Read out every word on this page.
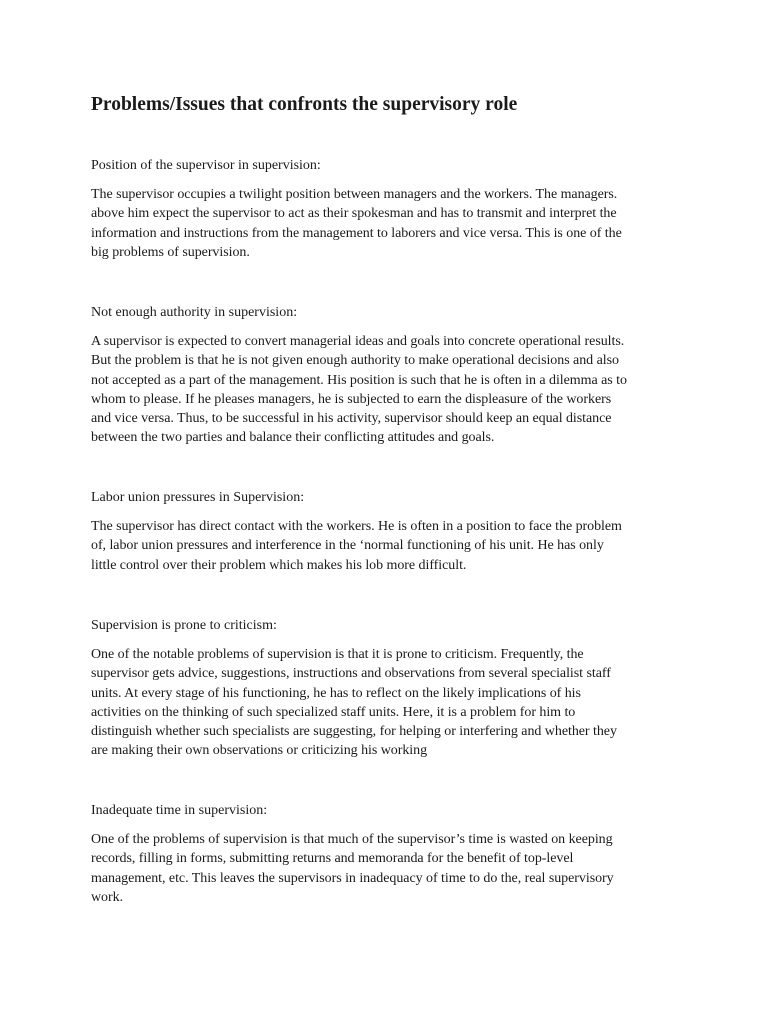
Problems/Issues that confronts the supervisory role

Position of the supervisor in supervision:

The supervisor occupies a twilight position between managers and the workers. The managers.
above him expect the supervisor to act as their spokesman and has to transmit and interpret the
information and instructions from the management to laborers and vice versa. This is one of the
big problems of supervision.

Not enough authority in supervision:

A supervisor is expected to convert managerial ideas and goals into concrete operational results.
But the problem is that he is not given enough authority to make operational decisions and also
not accepted as a part of the management. His position is such that he is often in a dilemma as to
whom to please. If he pleases managers, he is subjected to earn the displeasure of the workers
and vice versa. Thus, to be successful in his activity, supervisor should keep an equal distance
between the two parties and balance their conflicting attitudes and goals.

Labor union pressures in Supervision:

The supervisor has direct contact with the workers. He is often in a position to face the problem
of, labor union pressures and interference in the ‘normal functioning of his unit. He has only
little control over their problem which makes his lob more difficult.

Supervision is prone to criticism:

One of the notable problems of supervision is that it is prone to criticism. Frequently, the
supervisor gets advice, suggestions, instructions and observations from several specialist staff
units. At every stage of his functioning, he has to reflect on the likely implications of his
activities on the thinking of such specialized staff units. Here, it is a problem for him to
distinguish whether such specialists are suggesting, for helping or interfering and whether they
are making their own observations or criticizing his working

Inadequate time in supervision:

One of the problems of supervision is that much of the supervisor’s time is wasted on keeping
records, filling in forms, submitting returns and memoranda for the benefit of top-level
management, etc. This leaves the supervisors in inadequacy of time to do the, real supervisory
work.
